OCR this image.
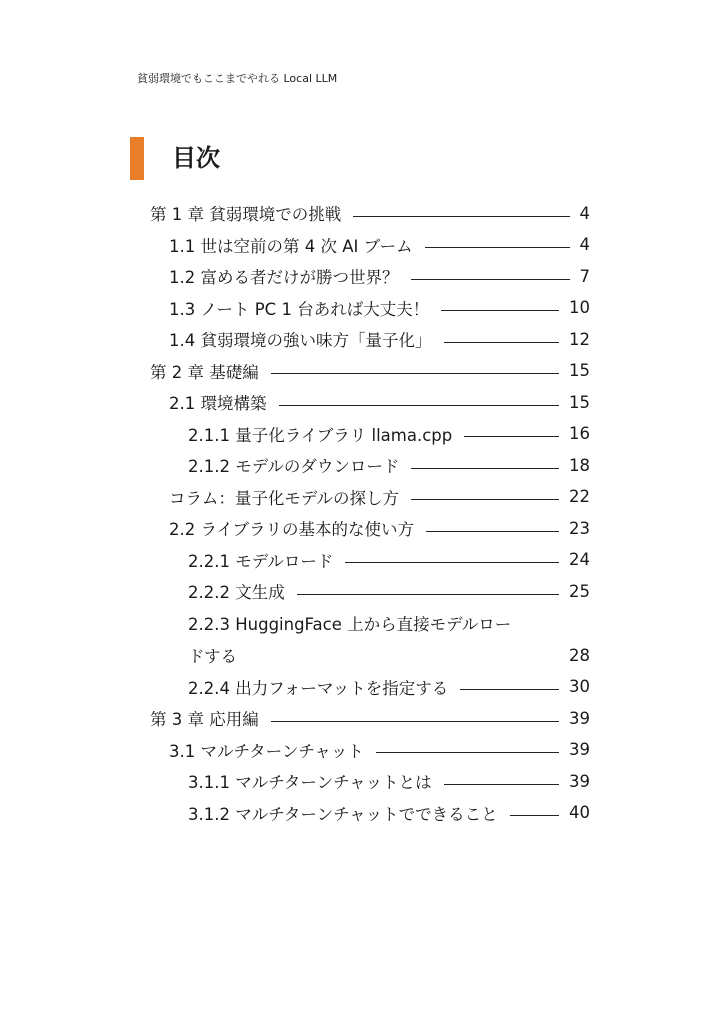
貧弱環境でもここまでやれる Local LLM
目次
第 1 章 貧弱環境での挑戦	4
1.1 世は空前の第 4 次 AI ブーム	4
1.2 富める者だけが勝つ世界？	7
1.3 ノート PC 1 台あれば大丈夫！	10
1.4 貧弱環境の強い味方「量子化」	12
第 2 章 基礎編	15
2.1 環境構築	15
2.1.1 量子化ライブラリ llama.cpp	16
2.1.2 モデルのダウンロード	18
コラム：量子化モデルの探し方	22
2.2 ライブラリの基本的な使い方	23
2.2.1 モデルロード	24
2.2.2 文生成	25
2.2.3 HuggingFace 上から直接モデルロー
ドする	28
2.2.4 出力フォーマットを指定する	30
第 3 章 応用編	39
3.1 マルチターンチャット	39
3.1.1 マルチターンチャットとは	39
3.1.2 マルチターンチャットでできること	40
